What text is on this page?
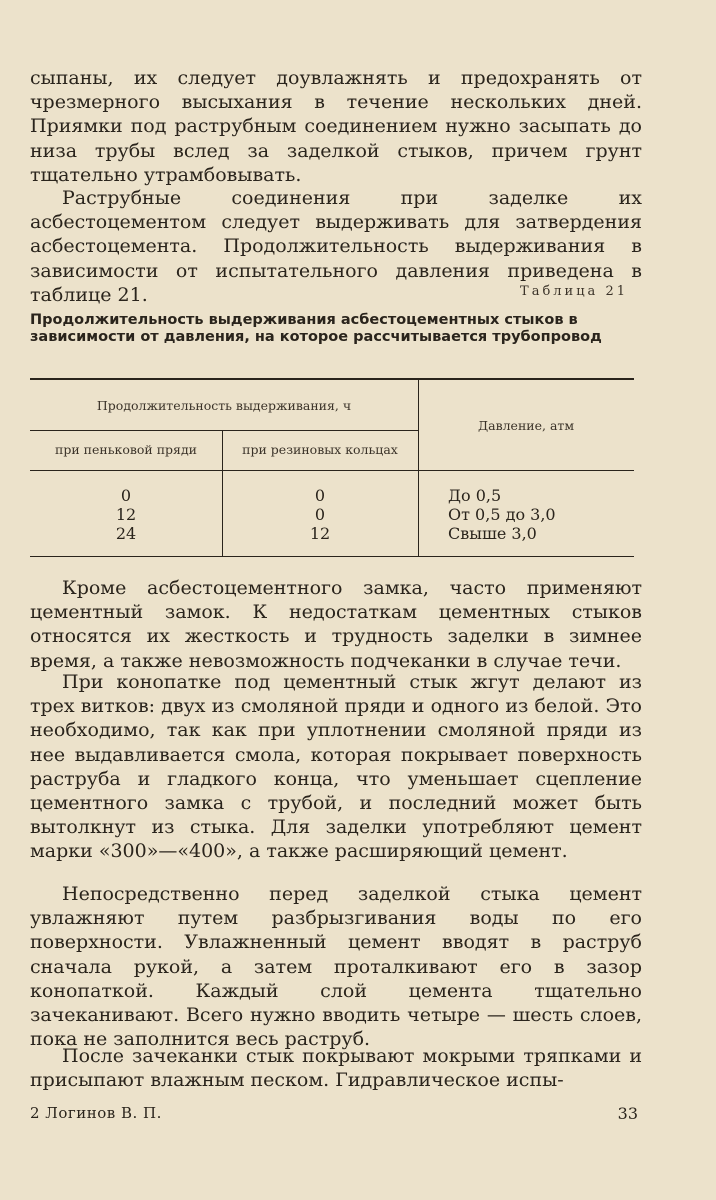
сыпаны, их следует доувлажнять и предохранять от чрезмерного высыхания в течение нескольких дней. Приямки под раструбным соединением нужно засыпать до низа трубы вслед за заделкой стыков, причем грунт тщательно утрамбовывать.

Раструбные соединения при заделке их асбестоцементом следует выдерживать для затвердения асбестоцемента. Продолжительность выдерживания в зависимости от испытательного давления приведена в таблице 21.	Таблица 21

Продолжительность выдерживания асбестоцементных стыков в зависимости от давления, на которое рассчитывается трубопровод

Продолжительность выдерживания, ч
при пеньковой пряди	при резиновых кольцах
Давление, атм
0	0	До 0,5
12	0	От 0,5 до 3,0
24	12	Свыше 3,0

Кроме асбестоцементного замка, часто применяют цементный замок. К недостаткам цементных стыков относятся их жесткость и трудность заделки в зимнее время, а также невозможность подчеканки в случае течи.

При конопатке под цементный стык жгут делают из трех витков: двух из смоляной пряди и одного из белой. Это необходимо, так как при уплотнении смоляной пряди из нее выдавливается смола, которая покрывает поверхность раструба и гладкого конца, что уменьшает сцепление цементного замка с трубой, и последний может быть вытолкнут из стыка. Для заделки употребляют цемент марки «300»—«400», а также расширяющий цемент.

Непосредственно перед заделкой стыка цемент увлажняют путем разбрызгивания воды по его поверхности. Увлажненный цемент вводят в раструб сначала рукой, а затем проталкивают его в зазор конопаткой. Каждый слой цемента тщательно зачеканивают. Всего нужно вводить четыре — шесть слоев, пока не заполнится весь раструб.

После зачеканки стык покрывают мокрыми тряпками и присыпают влажным песком. Гидравлическое испы-

2 Логинов В. П.	33
